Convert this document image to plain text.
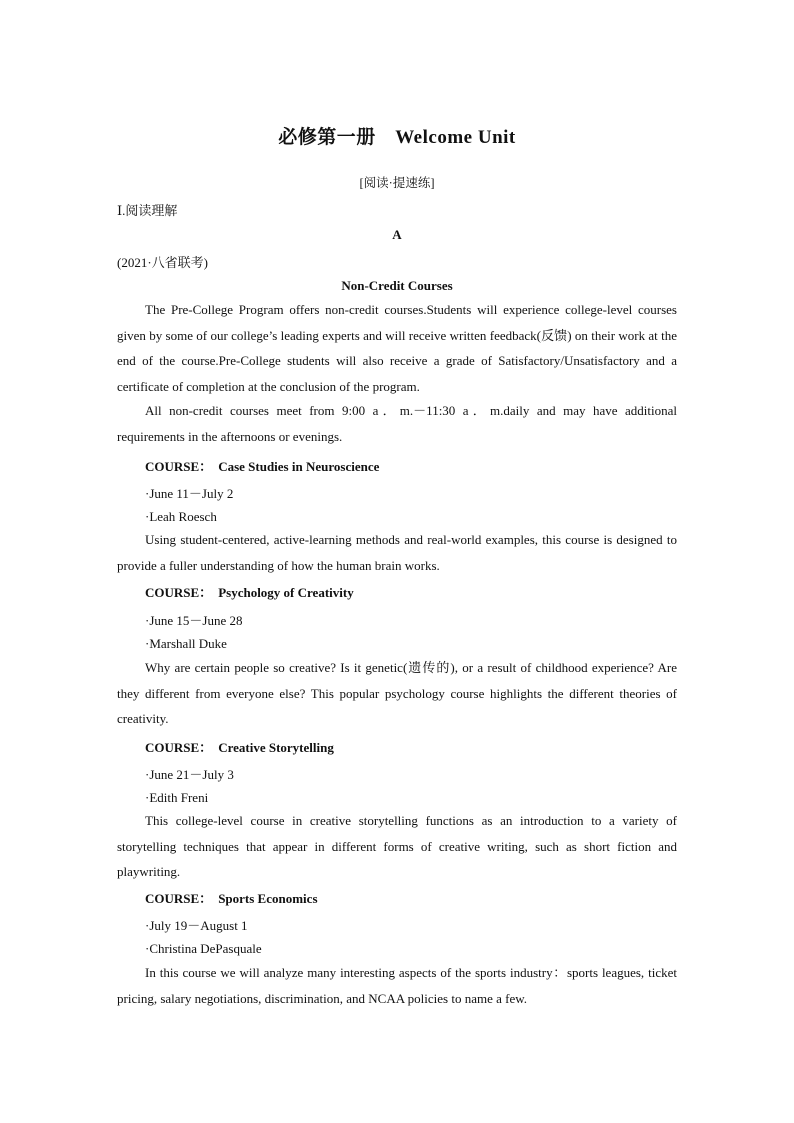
必修第一册　Welcome Unit
[阅读·提速练]
Ⅰ.阅读理解
A
(2021·八省联考)
Non-Credit Courses

The Pre-College Program offers non-credit courses.Students will experience college-level courses given by some of our college’s leading experts and will receive written feedback(反馈) on their work at the end of the course.Pre-College students will also receive a grade of Satisfactory/Unsatisfactory and a certificate of completion at the conclusion of the program.

All non-credit courses meet from 9:00 a．m.－11:30 a．m.daily and may have additional requirements in the afternoons or evenings.

COURSE： Case Studies in Neuroscience
·June 11－July 2
·Leah Roesch

Using student-centered, active-learning methods and real-world examples, this course is designed to provide a fuller understanding of how the human brain works.

COURSE： Psychology of Creativity
·June 15－June 28
·Marshall Duke

Why are certain people so creative? Is it genetic(遗传的), or a result of childhood experience? Are they different from everyone else? This popular psychology course highlights the different theories of creativity.

COURSE： Creative Storytelling
·June 21－July 3
·Edith Freni

This college-level course in creative storytelling functions as an introduction to a variety of storytelling techniques that appear in different forms of creative writing, such as short fiction and playwriting.

COURSE： Sports Economics
·July 19－August 1
·Christina DePasquale

In this course we will analyze many interesting aspects of the sports industry：sports leagues, ticket pricing, salary negotiations, discrimination, and NCAA policies to name a few.
